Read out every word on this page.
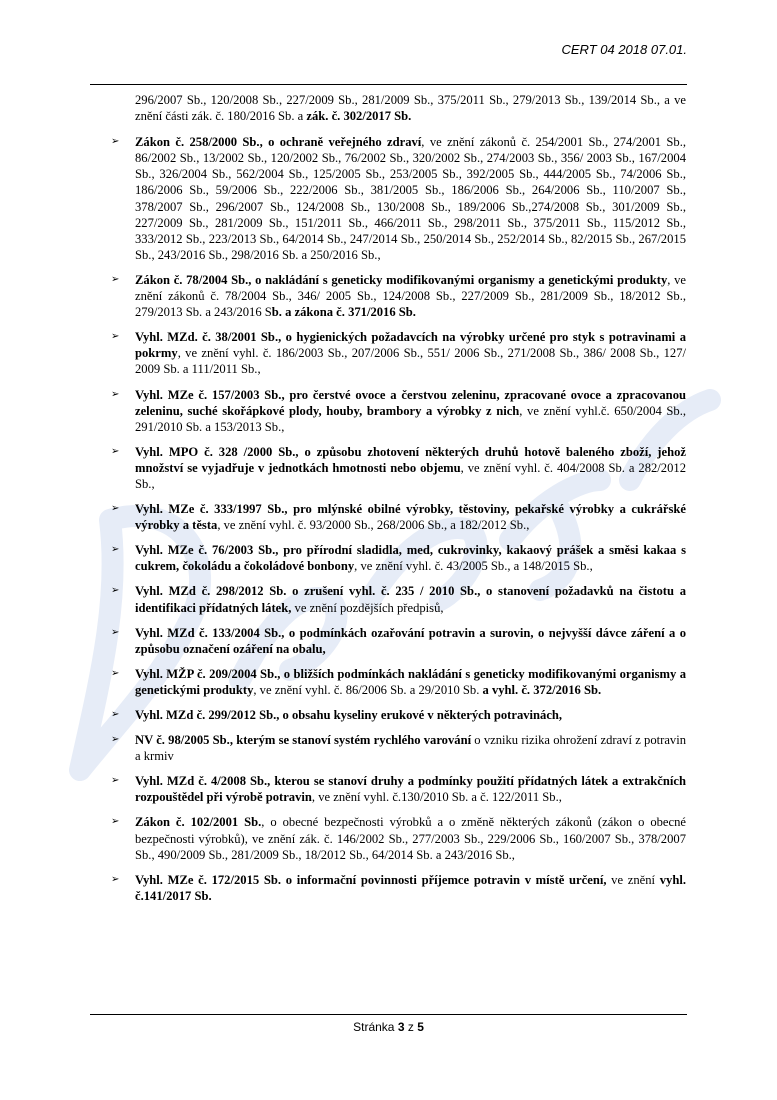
CERT 04 2018 07.01.

296/2007 Sb., 120/2008 Sb., 227/2009 Sb., 281/2009 Sb., 375/2011 Sb., 279/2013 Sb., 139/2014 Sb., a ve znění části zák. č. 180/2016 Sb. a zák. č. 302/2017 Sb.

➢ Zákon č. 258/2000 Sb., o ochraně veřejného zdraví, ve znění zákonů č. 254/2001 Sb., 274/2001 Sb., 86/2002 Sb., 13/2002 Sb., 120/2002 Sb., 76/2002 Sb., 320/2002 Sb., 274/2003 Sb., 356/ 2003 Sb., 167/2004 Sb., 326/2004 Sb., 562/2004 Sb., 125/2005 Sb., 253/2005 Sb., 392/2005 Sb., 444/2005 Sb., 74/2006 Sb., 186/2006 Sb., 59/2006 Sb., 222/2006 Sb., 381/2005 Sb., 186/2006 Sb., 264/2006 Sb., 110/2007 Sb., 378/2007 Sb., 296/2007 Sb., 124/2008 Sb., 130/2008 Sb., 189/2006 Sb.,274/2008 Sb., 301/2009 Sb., 227/2009 Sb., 281/2009 Sb., 151/2011 Sb., 466/2011 Sb., 298/2011 Sb., 375/2011 Sb., 115/2012 Sb., 333/2012 Sb., 223/2013 Sb., 64/2014 Sb., 247/2014 Sb., 250/2014 Sb., 252/2014 Sb., 82/2015 Sb., 267/2015 Sb., 243/2016 Sb., 298/2016 Sb. a 250/2016 Sb.,
➢ Zákon č. 78/2004 Sb., o nakládání s geneticky modifikovanými organismy a genetickými produkty, ve znění zákonů č. 78/2004 Sb., 346/ 2005 Sb., 124/2008 Sb., 227/2009 Sb., 281/2009 Sb., 18/2012 Sb., 279/2013 Sb. a 243/2016 Sb. a zákona č. 371/2016 Sb.
➢ Vyhl. MZd. č. 38/2001 Sb., o hygienických požadavcích na výrobky určené pro styk s potravinami a pokrmy, ve znění vyhl. č. 186/2003 Sb., 207/2006 Sb., 551/ 2006 Sb., 271/2008 Sb., 386/ 2008 Sb., 127/ 2009 Sb. a 111/2011 Sb.,
➢ Vyhl. MZe č. 157/2003 Sb., pro čerstvé ovoce a čerstvou zeleninu, zpracované ovoce a zpracovanou zeleninu, suché skořápkové plody, houby, brambory a výrobky z nich, ve znění vyhl.č. 650/2004 Sb., 291/2010 Sb. a 153/2013 Sb.,
➢ Vyhl. MPO č. 328 /2000 Sb., o způsobu zhotovení některých druhů hotově baleného zboží, jehož množství se vyjadřuje v jednotkách hmotnosti nebo objemu, ve znění vyhl. č. 404/2008 Sb. a 282/2012 Sb.,
➢ Vyhl. MZe č. 333/1997 Sb., pro mlýnské obilné výrobky, těstoviny, pekařské výrobky a cukrářské výrobky a těsta, ve znění vyhl. č. 93/2000 Sb., 268/2006 Sb., a 182/2012 Sb.,
➢ Vyhl. MZe č. 76/2003 Sb., pro přírodní sladidla, med, cukrovinky, kakaový prášek a směsi kakaa s cukrem, čokoládu a čokoládové bonbony, ve znění vyhl. č. 43/2005 Sb., a 148/2015 Sb.,
➢ Vyhl. MZd č. 298/2012 Sb. o zrušení vyhl. č. 235 / 2010 Sb., o stanovení požadavků na čistotu a identifikaci přídatných látek, ve znění pozdějších předpisů,
➢ Vyhl. MZd č. 133/2004 Sb., o podmínkách ozařování potravin a surovin, o nejvyšší dávce záření a o způsobu označení ozáření na obalu,
➢ Vyhl. MŽP č. 209/2004 Sb., o bližších podmínkách nakládání s geneticky modifikovanými organismy a genetickými produkty, ve znění vyhl. č. 86/2006 Sb. a 29/2010 Sb. a vyhl. č. 372/2016 Sb.
➢ Vyhl. MZd č. 299/2012 Sb., o obsahu kyseliny erukové v některých potravinách,
➢ NV č. 98/2005 Sb., kterým se stanoví systém rychlého varování o vzniku rizika ohrožení zdraví z potravin a krmiv
➢ Vyhl. MZd č. 4/2008 Sb., kterou se stanoví druhy a podmínky použití přídatných látek a extrakčních rozpouštědel při výrobě potravin, ve znění vyhl. č.130/2010 Sb. a č. 122/2011 Sb.,
➢ Zákon č. 102/2001 Sb., o obecné bezpečnosti výrobků a o změně některých zákonů (zákon o obecné bezpečnosti výrobků), ve znění zák. č. 146/2002 Sb., 277/2003 Sb., 229/2006 Sb., 160/2007 Sb., 378/2007 Sb., 490/2009 Sb., 281/2009 Sb., 18/2012 Sb., 64/2014 Sb. a 243/2016 Sb.,
➢ Vyhl. MZe č. 172/2015 Sb. o informační povinnosti příjemce potravin v místě určení, ve znění vyhl. č.141/2017 Sb.
Stránka 3 z 5
